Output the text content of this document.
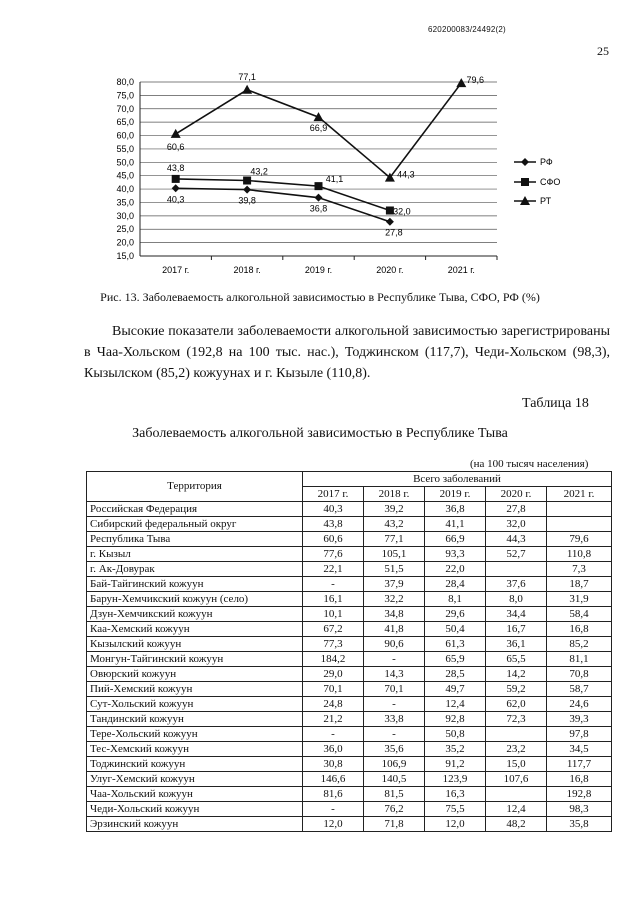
620200083/24492(2)
25
80,0
75,0
70,0
65,0
60,0
55,0
50,0
45,0
40,0
35,0
30,0
25,0
20,0
15,0
2017 г.	2018 г.	2019 г.	2020 г.	2021 г.
40,3	39,8
36,8
27,8
43,8	43,2
41,1
32,0
60,6
77,1
66,9
44,3
79,6
РФ
СФО
РТ
Рис. 13. Заболеваемость алкогольной зависимостью в Республике Тыва, СФО, РФ (%)

Высокие показатели заболеваемости алкогольной зависимостью зарегистрированы в Чаа-Хольском (192,8 на 100 тыс. нас.), Тоджинском (117,7), Чеди-Хольском (98,3), Кызылском (85,2) кожуунах и г. Кызыле (110,8).

Таблица 18
Заболеваемость алкогольной зависимостью в Республике Тыва
(на 100 тысяч населения)
Территория	Всего заболеваний				
	2017 г.	2018 г.	2019 г.	2020 г.	2021 г.
Российская Федерация	40,3	39,2	36,8	27,8	
Сибирский федеральный округ	43,8	43,2	41,1	32,0	
Республика Тыва	60,6	77,1	66,9	44,3	79,6
г. Кызыл	77,6	105,1	93,3	52,7	110,8
г. Ак-Довурак	22,1	51,5	22,0		7,3
Бай-Тайгинский кожуун	-	37,9	28,4	37,6	18,7
Барун-Хемчикский кожуун (село)	16,1	32,2	8,1	8,0	31,9
Дзун-Хемчикский кожуун	10,1	34,8	29,6	34,4	58,4
Каа-Хемский кожуун	67,2	41,8	50,4	16,7	16,8
Кызылский кожуун	77,3	90,6	61,3	36,1	85,2
Монгун-Тайгинский кожуун	184,2	-	65,9	65,5	81,1
Овюрский кожуун	29,0	14,3	28,5	14,2	70,8
Пий-Хемский кожуун	70,1	70,1	49,7	59,2	58,7
Сут-Хольский кожуун	24,8	-	12,4	62,0	24,6
Тандинский кожуун	21,2	33,8	92,8	72,3	39,3
Тере-Хольский кожуун	-	-	50,8		97,8
Тес-Хемский кожуун	36,0	35,6	35,2	23,2	34,5
Тоджинский кожуун	30,8	106,9	91,2	15,0	117,7
Улуг-Хемский кожуун	146,6	140,5	123,9	107,6	16,8
Чаа-Хольский кожуун	81,6	81,5	16,3		192,8
Чеди-Хольский кожуун	-	76,2	75,5	12,4	98,3
Эрзинский кожуун	12,0	71,8	12,0	48,2	35,8
